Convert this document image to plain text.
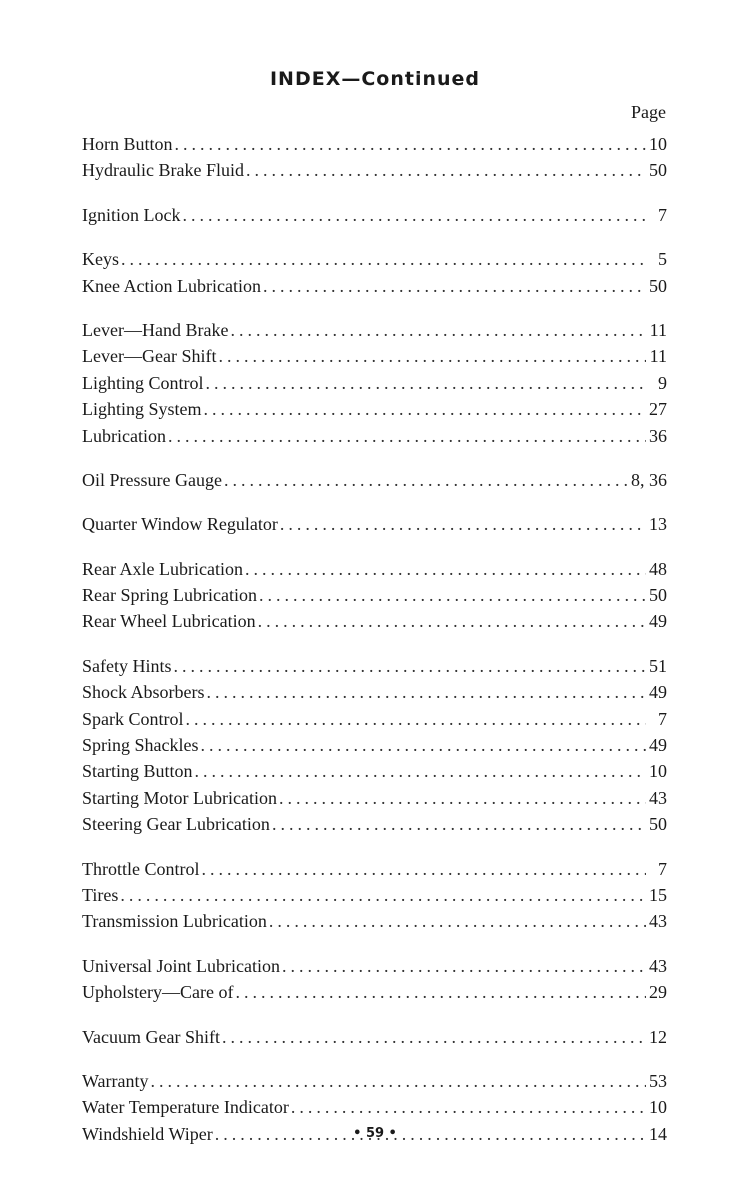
INDEX—Continued
Page
Horn Button .....	10
Hydraulic Brake Fluid .....	50
Ignition Lock .....	7
Keys .....	5
Knee Action Lubrication .....	50
Lever—Hand Brake .....	11
Lever—Gear Shift .....	11
Lighting Control .....	9
Lighting System .....	27
Lubrication .....	36
Oil Pressure Gauge .....	8, 36
Quarter Window Regulator .....	13
Rear Axle Lubrication .....	48
Rear Spring Lubrication .....	50
Rear Wheel Lubrication .....	49
Safety Hints .....	51
Shock Absorbers .....	49
Spark Control .....	7
Spring Shackles .....	49
Starting Button .....	10
Starting Motor Lubrication .....	43
Steering Gear Lubrication .....	50
Throttle Control .....	7
Tires .....	15
Transmission Lubrication .....	43
Universal Joint Lubrication .....	43
Upholstery—Care of .....	29
Vacuum Gear Shift .....	12
Warranty .....	53
Water Temperature Indicator .....	10
Windshield Wiper .....	14
• 59 •
